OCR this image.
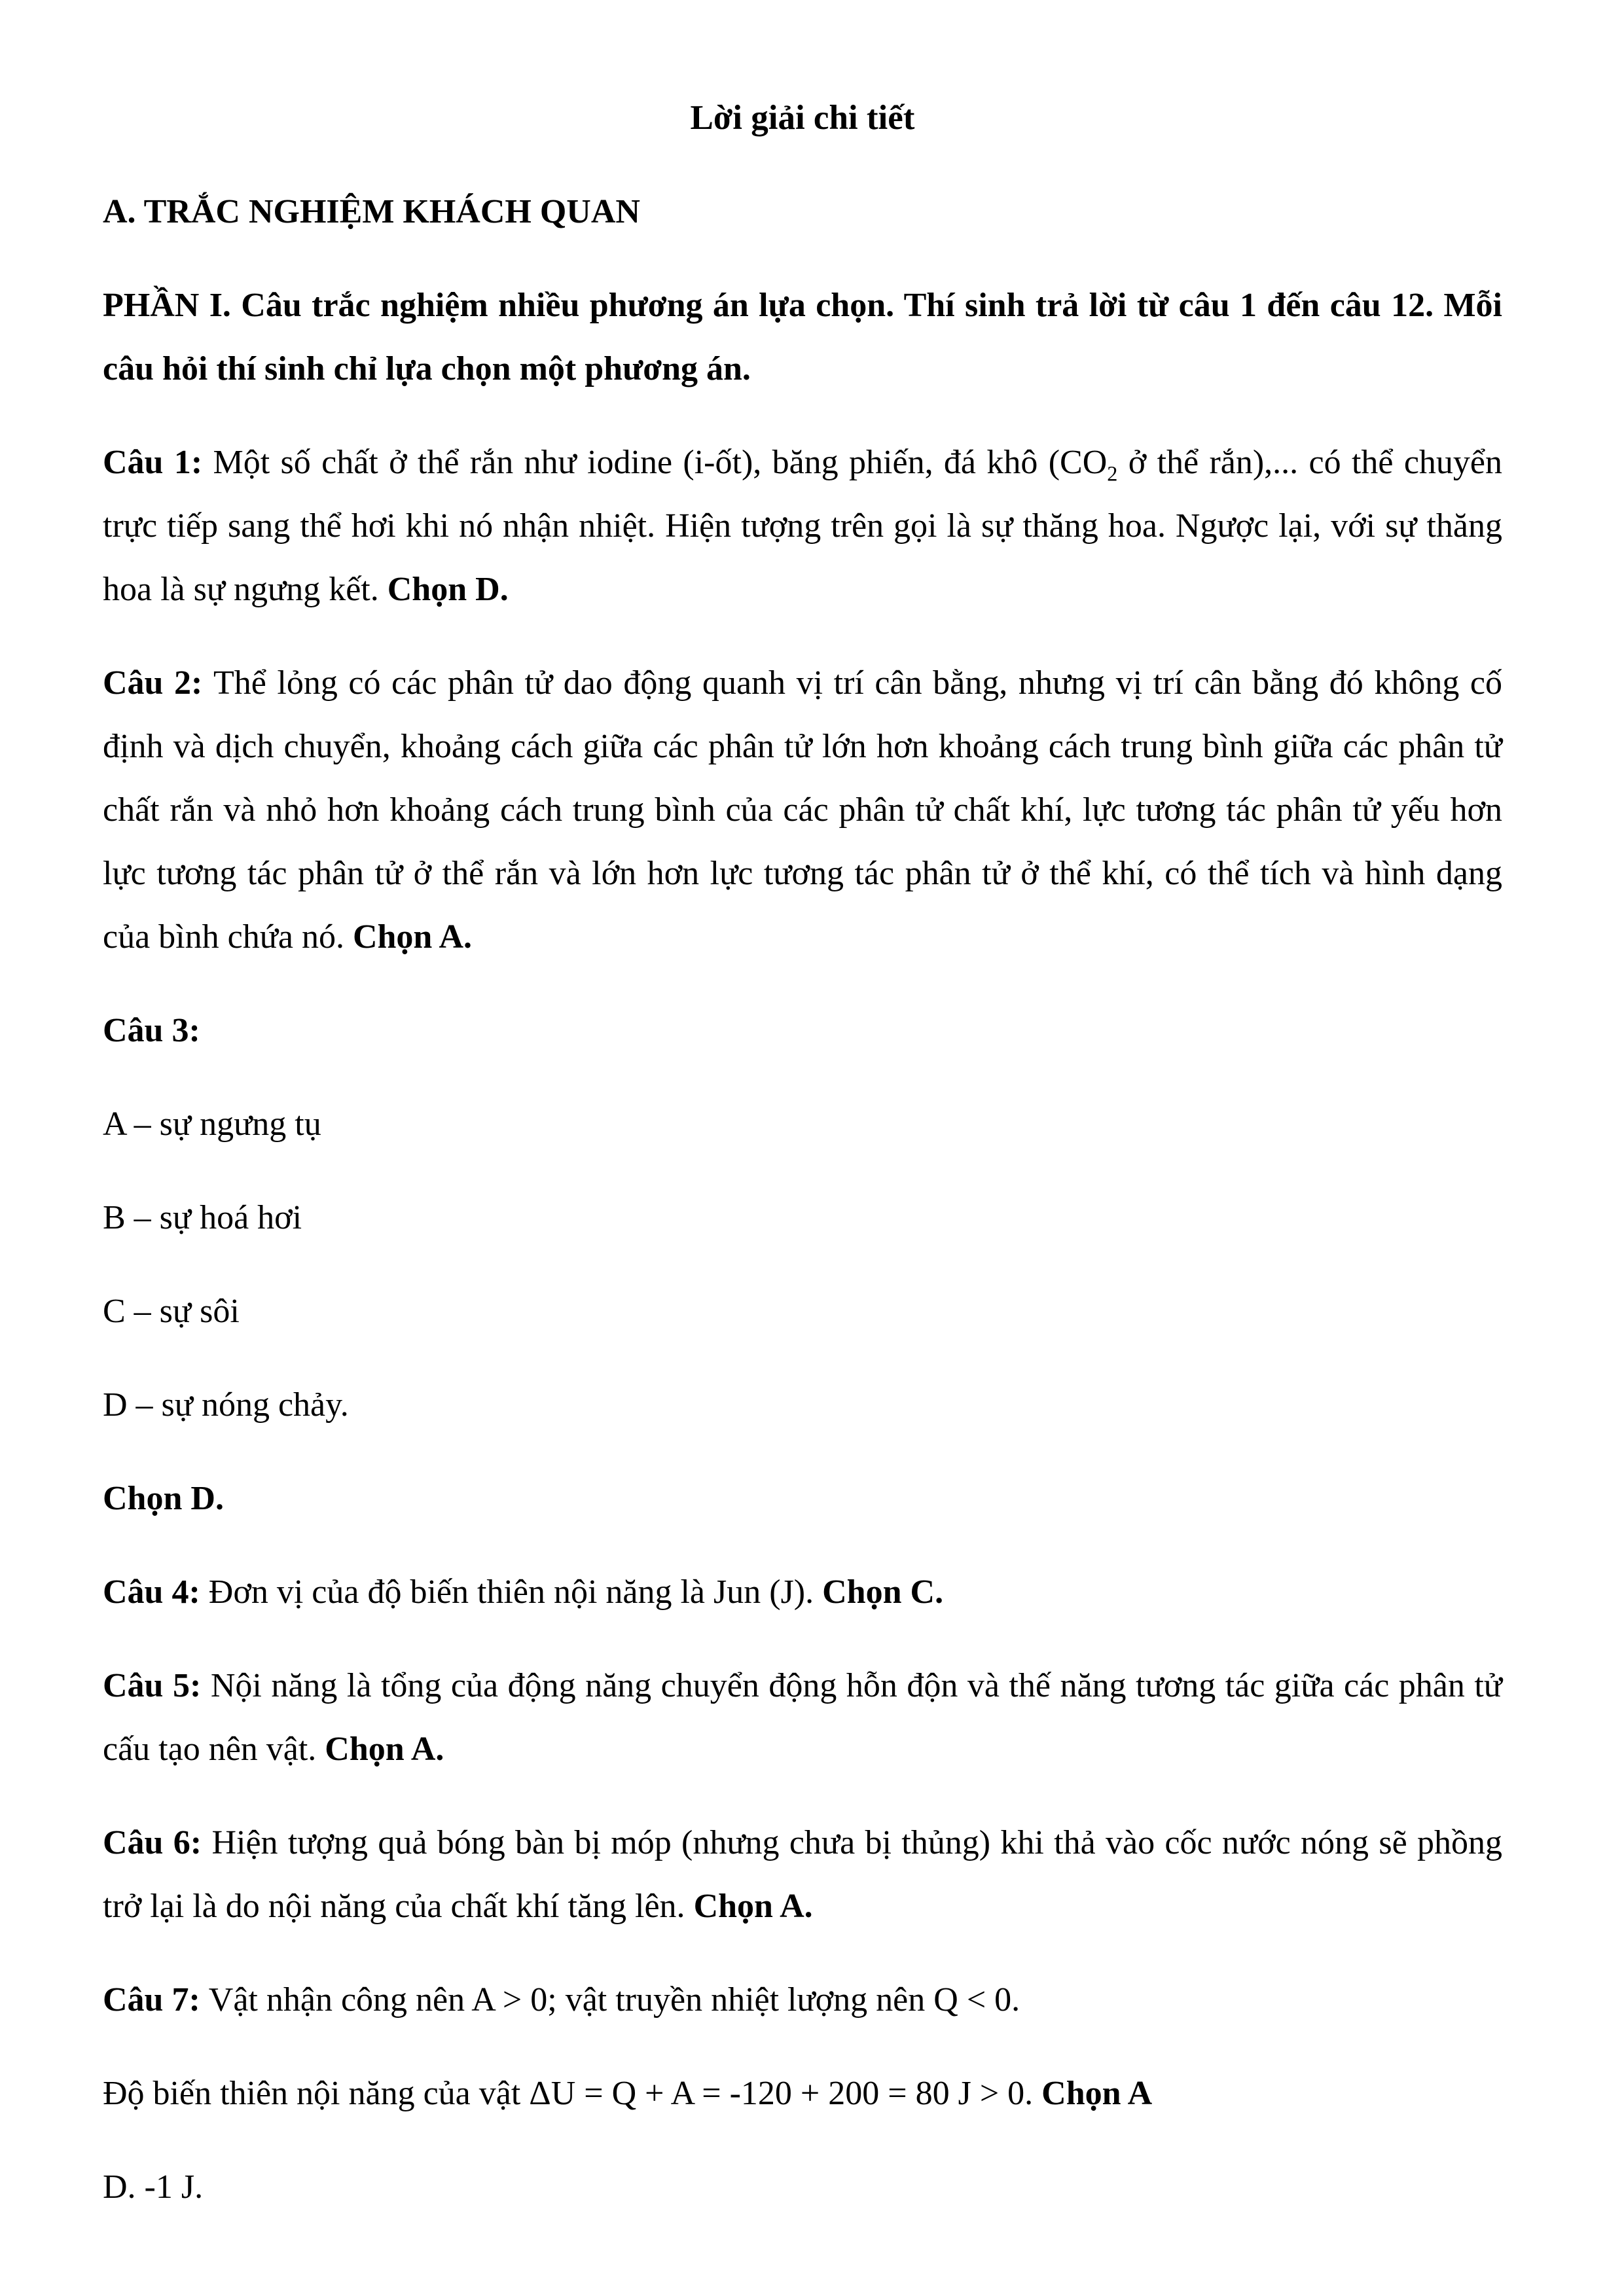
Lời giải chi tiết

A. TRẮC NGHIỆM KHÁCH QUAN

PHẦN I. Câu trắc nghiệm nhiều phương án lựa chọn. Thí sinh trả lời từ câu 1 đến câu 12. Mỗi câu hỏi thí sinh chỉ lựa chọn một phương án.

Câu 1: Một số chất ở thể rắn như iodine (i-ốt), băng phiến, đá khô ($CO_2$ ở thể rắn),... có thể chuyển trực tiếp sang thể hơi khi nó nhận nhiệt. Hiện tượng trên gọi là sự thăng hoa. Ngược lại, với sự thăng hoa là sự ngưng kết. Chọn D.

Câu 2: Thể lỏng có các phân tử dao động quanh vị trí cân bằng, nhưng vị trí cân bằng đó không cố định và dịch chuyển, khoảng cách giữa các phân tử lớn hơn khoảng cách trung bình giữa các phân tử chất rắn và nhỏ hơn khoảng cách trung bình của các phân tử chất khí, lực tương tác phân tử yếu hơn lực tương tác phân tử ở thể rắn và lớn hơn lực tương tác phân tử ở thể khí, có thể tích và hình dạng của bình chứa nó. Chọn A.

Câu 3:

A – sự ngưng tụ

B – sự hoá hơi

C – sự sôi

D – sự nóng chảy.

Chọn D.

Câu 4: Đơn vị của độ biến thiên nội năng là Jun (J). Chọn C.

Câu 5: Nội năng là tổng của động năng chuyển động hỗn độn và thế năng tương tác giữa các phân tử cấu tạo nên vật. Chọn A.

Câu 6: Hiện tượng quả bóng bàn bị móp (nhưng chưa bị thủng) khi thả vào cốc nước nóng sẽ phồng trở lại là do nội năng của chất khí tăng lên. Chọn A.

Câu 7: Vật nhận công nên A > 0; vật truyền nhiệt lượng nên Q < 0.

Độ biến thiên nội năng của vật ΔU = Q + A = -120 + 200 = 80 J > 0. Chọn A

D. -1 J.
